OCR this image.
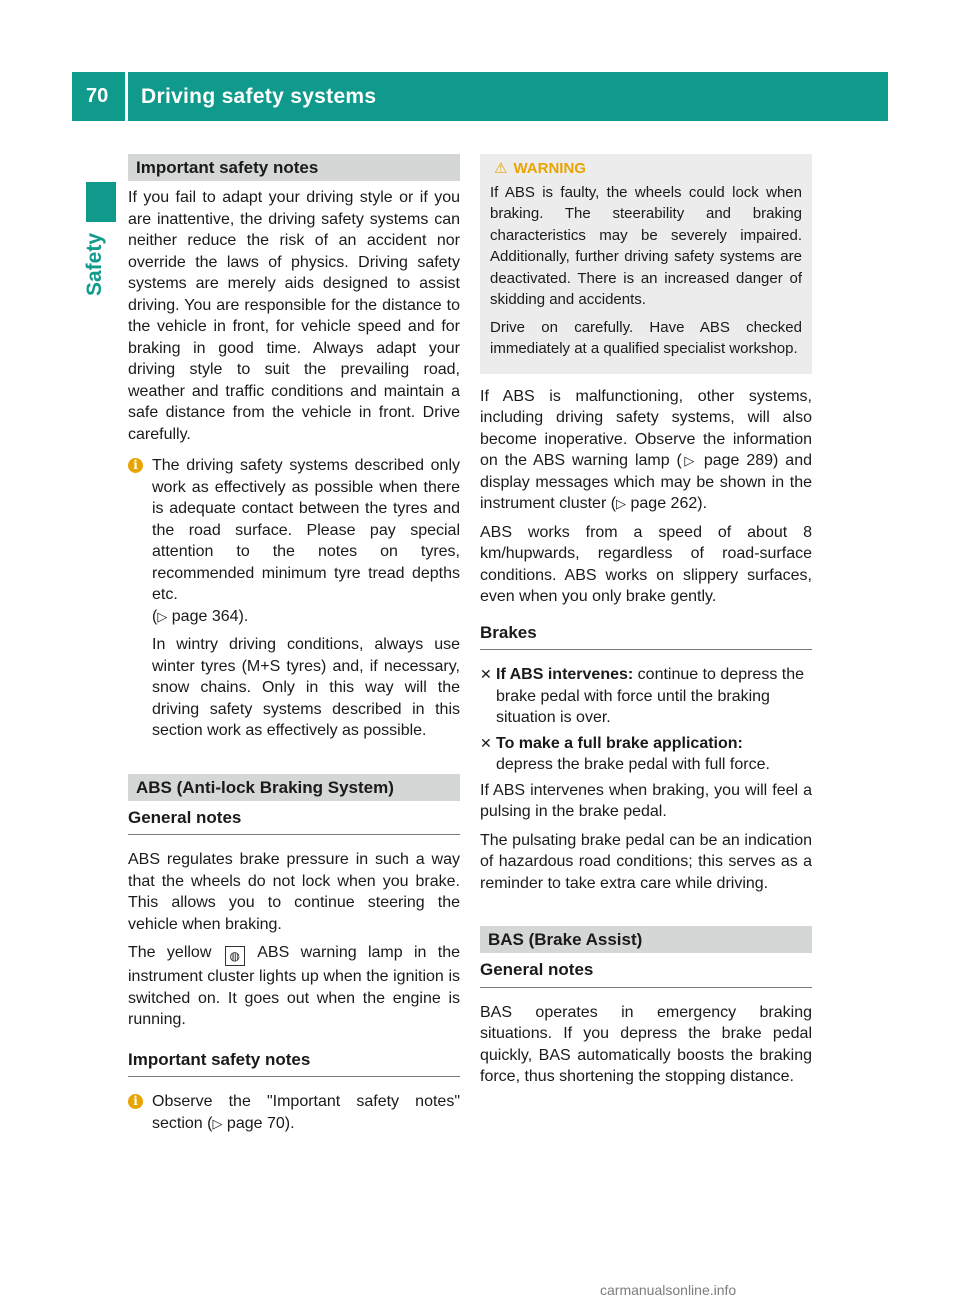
70	Driving safety systems
Safety
Important safety notes

If you fail to adapt your driving style or if you are inattentive, the driving safety systems can neither reduce the risk of an accident nor override the laws of physics. Driving safety systems are merely aids designed to assist driving. You are responsible for the distance to the vehicle in front, for vehicle speed and for braking in good time. Always adapt your driving style to suit the prevailing road, weather and traffic conditions and maintain a safe distance from the vehicle in front. Drive carefully.

i The driving safety systems described only work as effectively as possible when there is adequate contact between the tyres and the road surface. Please pay special attention to the notes on tyres, recommended minimum tyre tread depths etc.
(▷ page 364).

In wintry driving conditions, always use winter tyres (M+S tyres) and, if necessary, snow chains. Only in this way will the driving safety systems described in this section work as effectively as possible.

ABS (Anti-lock Braking System)
General notes

ABS regulates brake pressure in such a way that the wheels do not lock when you brake. This allows you to continue steering the vehicle when braking.

The yellow ◍ ABS warning lamp in the instrument cluster lights up when the ignition is switched on. It goes out when the engine is running.

Important safety notes
i Observe the "Important safety notes" section (▷ page 70).

⚠ WARNING

If ABS is faulty, the wheels could lock when braking. The steerability and braking characteristics may be severely impaired. Additionally, further driving safety systems are deactivated. There is an increased danger of skidding and accidents.

Drive on carefully. Have ABS checked immediately at a qualified specialist workshop.

If ABS is malfunctioning, other systems, including driving safety systems, will also become inoperative. Observe the information on the ABS warning lamp (▷ page 289) and display messages which may be shown in the instrument cluster (▷ page 262).

ABS works from a speed of about 8 km/hupwards, regardless of road-surface conditions. ABS works on slippery surfaces, even when you only brake gently.

Brakes
✕ If ABS intervenes: continue to depress the brake pedal with force until the braking situation is over.
✕ To make a full brake application:
depress the brake pedal with full force.

If ABS intervenes when braking, you will feel a pulsing in the brake pedal.

The pulsating brake pedal can be an indication of hazardous road conditions; this serves as a reminder to take extra care while driving.

BAS (Brake Assist)
General notes

BAS operates in emergency braking situations. If you depress the brake pedal quickly, BAS automatically boosts the braking force, thus shortening the stopping distance.

carmanualsonline.info
